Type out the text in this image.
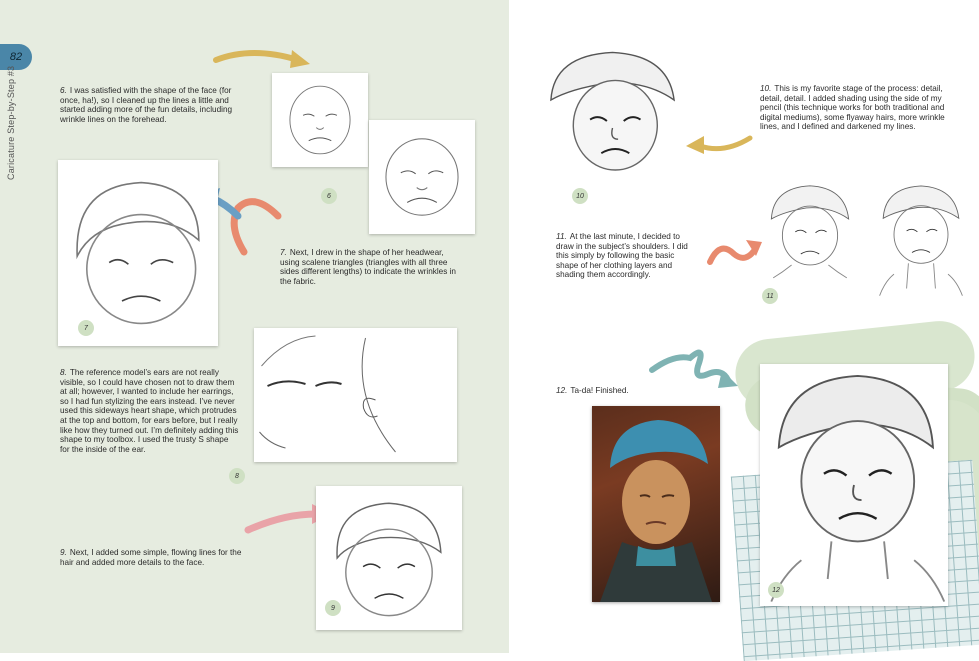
82
Caricature Step-by-Step #3	6. I was satisfied with the shape of the face (for once, ha!), so I cleaned up the lines a little and started adding more of the fun details, including wrinkle lines on the forehead.
7. Next, I drew in the shape of her headwear, using scalene triangles (triangles with all three sides different lengths) to indicate the wrinkles in the fabric.
8. The reference model’s ears are not really visible, so I could have chosen not to draw them at all; however, I wanted to include her earrings, so I had fun stylizing the ears instead. I’ve never used this sideways heart shape, which protrudes at the top and bottom, for ears before, but I really like how they turned out. I’m definitely adding this shape to my toolbox. I used the trusty S shape for the inside of the ear.
9. Next, I added some simple, flowing lines for the hair and added more details to the face.
6
7
8
9
10. This is my favorite stage of the process: detail, detail, detail. I added shading using the side of my pencil (this technique works for both traditional and digital mediums), some flyaway hairs, more wrinkle lines, and I defined and darkened my lines.
11. At the last minute, I decided to draw in the subject’s shoulders. I did this simply by following the basic shape of her clothing layers and shading them accordingly.
12. Ta-da! Finished.
10
11
12
